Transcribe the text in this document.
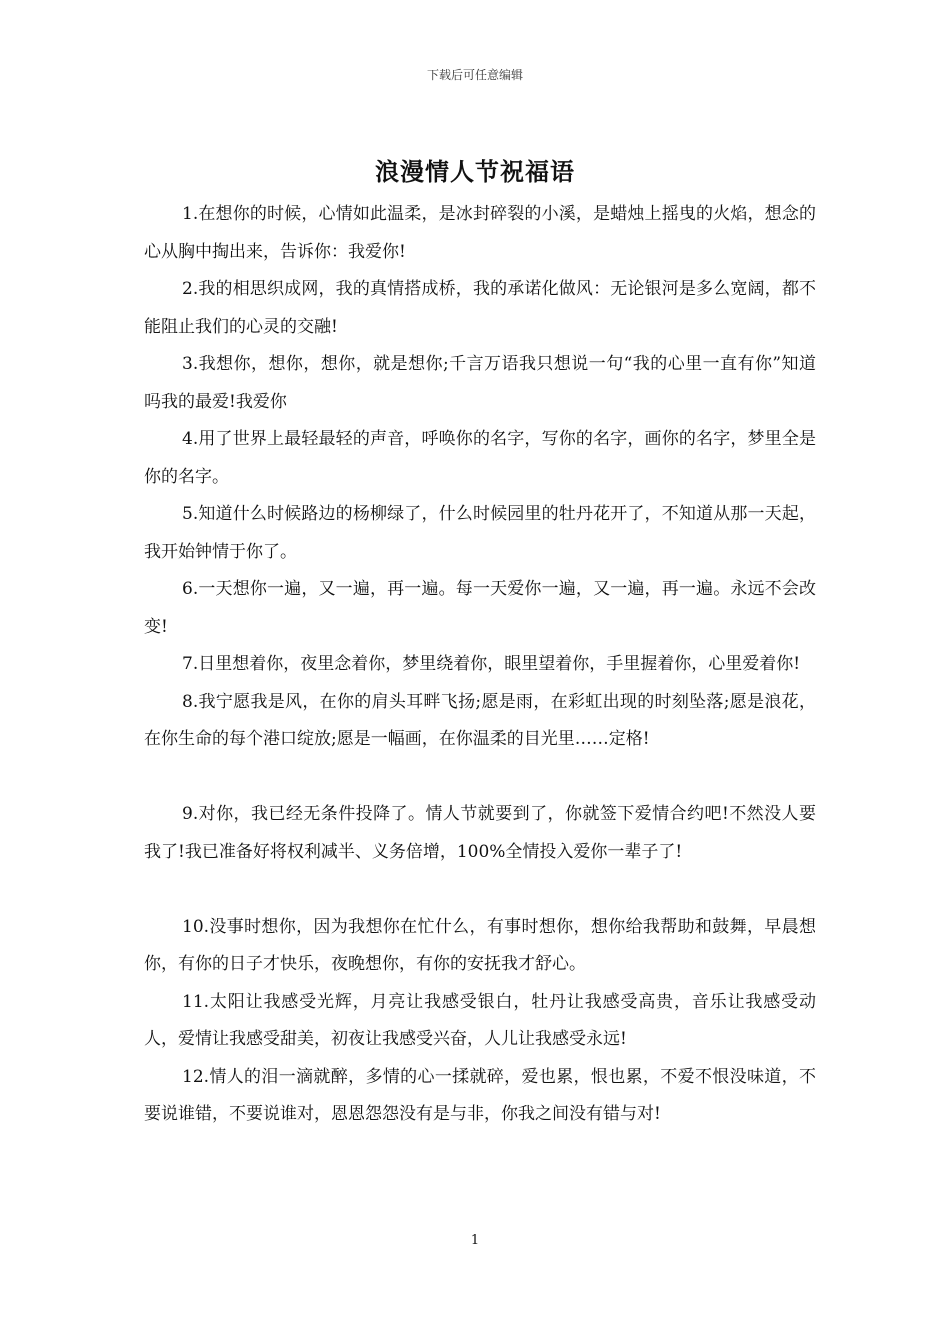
下载后可任意编辑
浪漫情人节祝福语

1.在想你的时候，心情如此温柔，是冰封碎裂的小溪，是蜡烛上摇曳的火焰，想念的心从胸中掏出来，告诉你：我爱你!

2.我的相思织成网，我的真情搭成桥，我的承诺化做风：无论银河是多么宽阔，都不能阻止我们的心灵的交融!

3.我想你，想你，想你，就是想你;千言万语我只想说一句“我的心里一直有你”知道吗我的最爱!我爱你

4.用了世界上最轻最轻的声音，呼唤你的名字，写你的名字，画你的名字，梦里全是你的名字。

5.知道什么时候路边的杨柳绿了，什么时候园里的牡丹花开了，不知道从那一天起，我开始钟情于你了。

6.一天想你一遍，又一遍，再一遍。每一天爱你一遍，又一遍，再一遍。永远不会改变!

7.日里想着你，夜里念着你，梦里绕着你，眼里望着你，手里握着你，心里爱着你!

8.我宁愿我是风，在你的肩头耳畔飞扬;愿是雨，在彩虹出现的时刻坠落;愿是浪花，在你生命的每个港口绽放;愿是一幅画，在你温柔的目光里……定格!

9.对你，我已经无条件投降了。情人节就要到了，你就签下爱情合约吧!不然没人要我了!我已准备好将权利减半、义务倍增，100%全情投入爱你一辈子了!

10.没事时想你，因为我想你在忙什么，有事时想你，想你给我帮助和鼓舞，早晨想你，有你的日子才快乐，夜晚想你，有你的安抚我才舒心。

11.太阳让我感受光辉，月亮让我感受银白，牡丹让我感受高贵，音乐让我感受动人，爱情让我感受甜美，初夜让我感受兴奋，人儿让我感受永远!

12.情人的泪一滴就醉，多情的心一揉就碎，爱也累，恨也累，不爱不恨没味道，不要说谁错，不要说谁对，恩恩怨怨没有是与非，你我之间没有错与对!

1
